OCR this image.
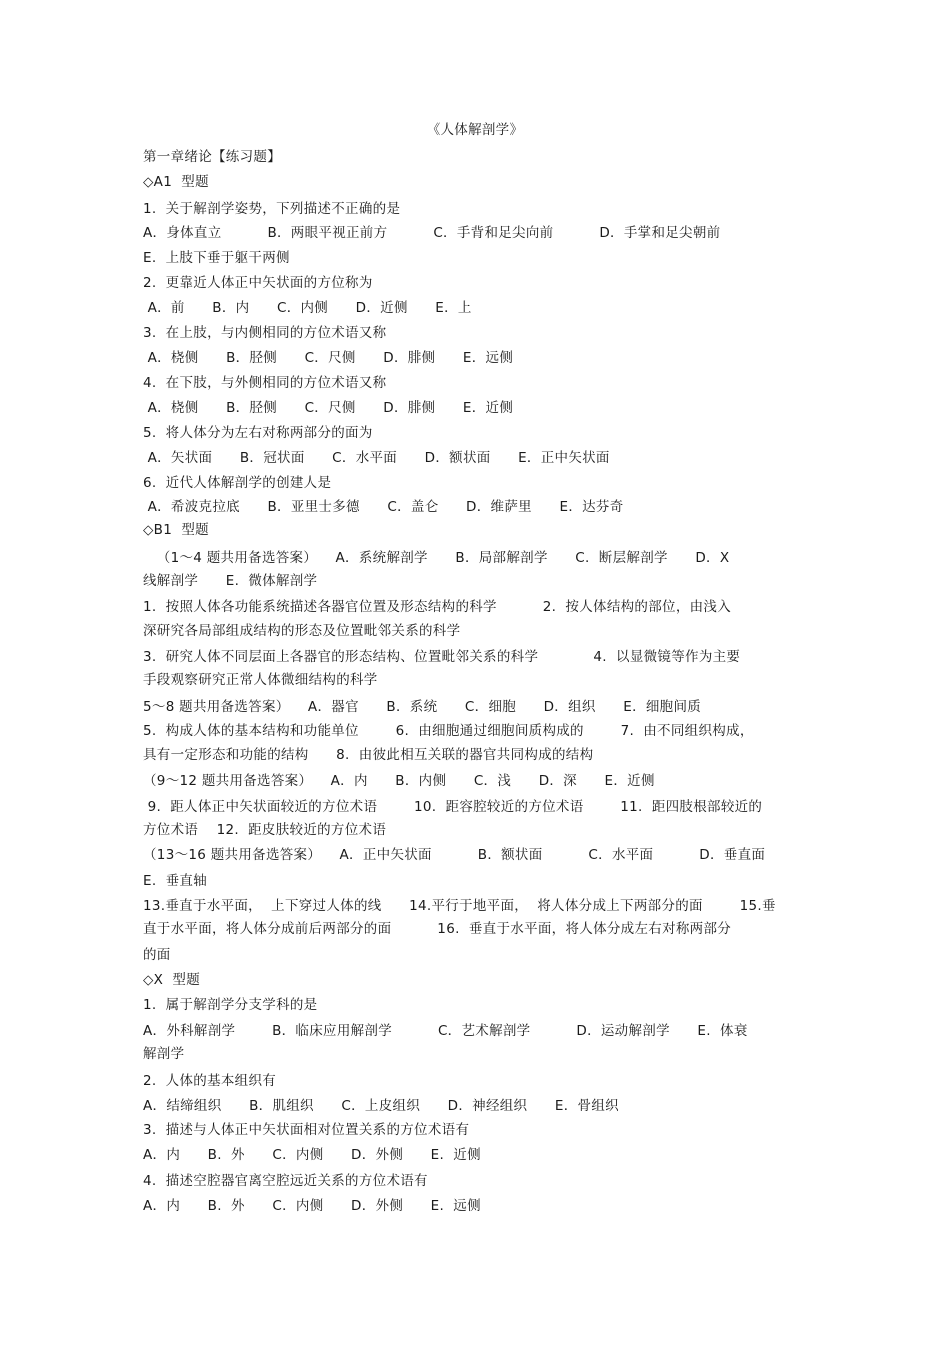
《人体解剖学》
第一章绪论【练习题】
◇A1  型题
1.  关于解剖学姿势，下列描述不正确的是
A．身体直立          B．两眼平视正前方          C．手背和足尖向前          D．手掌和足尖朝前
E.  上肢下垂于躯干两侧
2.  更靠近人体正中矢状面的方位称为
A．前      B．内      C．内侧      D．近侧      E．上
3.  在上肢，与内侧相同的方位术语又称
A．桡侧      B．胫侧      C．尺侧      D．腓侧      E．远侧
4.  在下肢，与外侧相同的方位术语又称
A．桡侧      B．胫侧      C．尺侧      D．腓侧      E．近侧
5.  将人体分为左右对称两部分的面为
A．矢状面      B．冠状面      C．水平面      D．额状面      E．正中矢状面
6.  近代人体解剖学的创建人是
A．希波克拉底      B．亚里士多德      C．盖仑      D．维萨里      E．达芬奇
◇B1  型题
（1～4 题共用备选答案）    A．系统解剖学      B．局部解剖学      C.  断层解剖学      D．X
线解剖学      E.  微体解剖学
1.  按照人体各功能系统描述各器官位置及形态结构的科学          2.  按人体结构的部位，由浅入
深研究各局部组成结构的形态及位置毗邻关系的科学
3.  研究人体不同层面上各器官的形态结构、位置毗邻关系的科学            4.  以显微镜等作为主要
手段观察研究正常人体微细结构的科学
5～8 题共用备选答案）    A．器官      B．系统      C．细胞      D．组织      E．细胞间质
5.  构成人体的基本结构和功能单位        6.  由细胞通过细胞间质构成的        7.  由不同组织构成，
具有一定形态和功能的结构      8.  由彼此相互关联的器官共同构成的结构
（9～12 题共用备选答案）    A．内      B．内侧      C．浅      D．深      E．近侧
9.  距人体正中矢状面较近的方位术语        10.  距容腔较近的方位术语        11.  距四肢根部较近的
方位术语    12.  距皮肤较近的方位术语
（13～16 题共用备选答案）    A．正中矢状面          B．额状面          C．水平面          D．垂直面
E.  垂直轴
13.垂直于水平面，  上下穿过人体的线      14.平行于地平面，  将人体分成上下两部分的面        15.垂
直于水平面，将人体分成前后两部分的面          16.  垂直于水平面，将人体分成左右对称两部分
的面
◇X  型题
1.  属于解剖学分支学科的是
A．外科解剖学        B．临床应用解剖学          C．艺术解剖学          D．运动解剖学      E.  体衰
解剖学
2.  人体的基本组织有
A．结缔组织      B．肌组织      C．上皮组织      D．神经组织      E．骨组织
3.  描述与人体正中矢状面相对位置关系的方位术语有
A．内      B.  外      C．内侧      D．外侧      E.  近侧
4.  描述空腔器官离空腔远近关系的方位术语有
A．内      B.  外      C．内侧      D．外侧      E.  远侧
